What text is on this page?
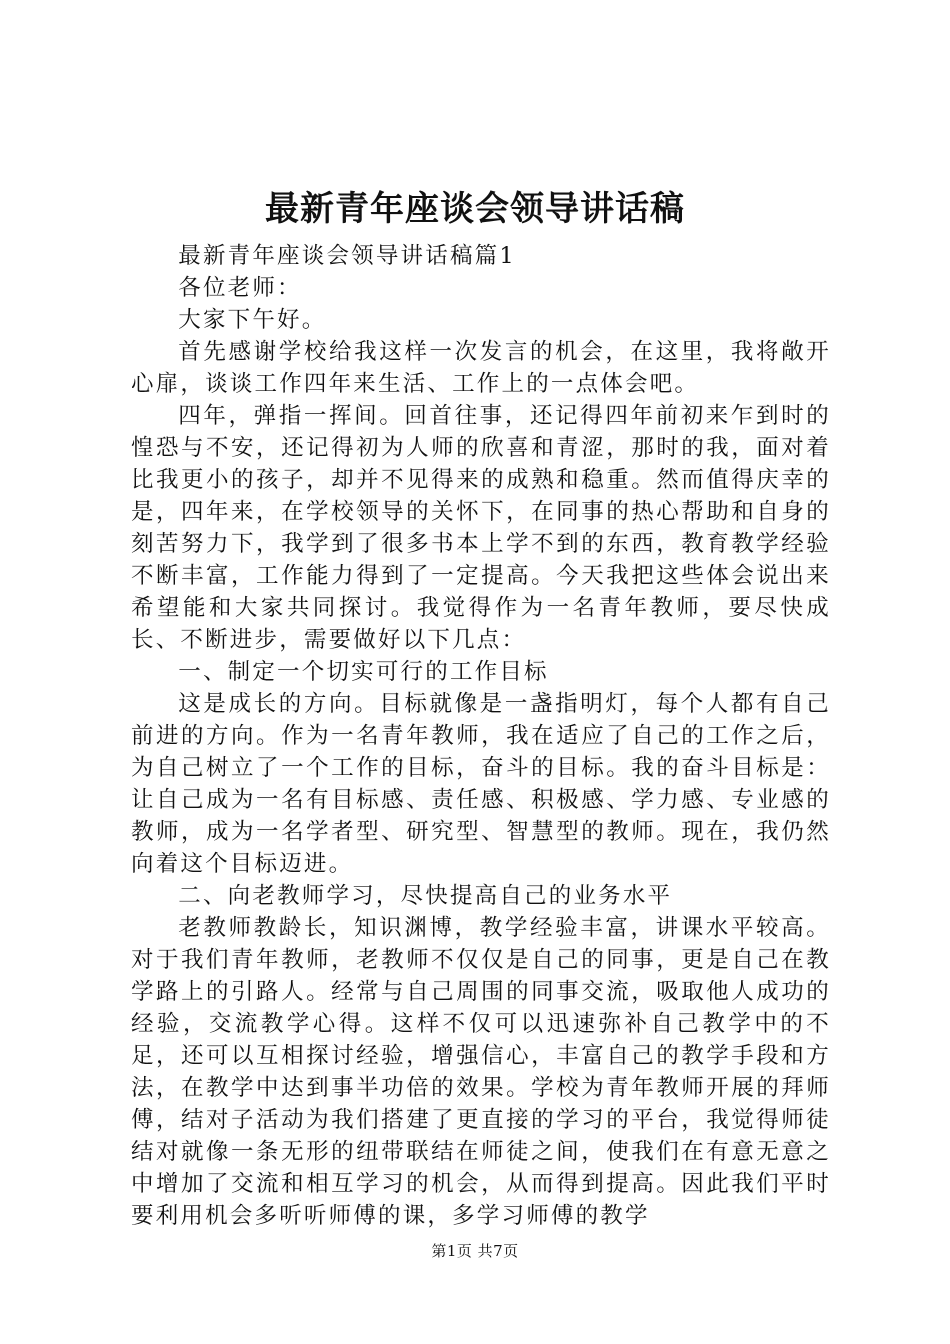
最新青年座谈会领导讲话稿

最新青年座谈会领导讲话稿篇1

各位老师：

大家下午好。

首先感谢学校给我这样一次发言的机会，在这里，我将敞开心扉，谈谈工作四年来生活、工作上的一点体会吧。

四年，弹指一挥间。回首往事，还记得四年前初来乍到时的惶恐与不安，还记得初为人师的欣喜和青涩，那时的我，面对着比我更小的孩子，却并不见得来的成熟和稳重。然而值得庆幸的是，四年来，在学校领导的关怀下，在同事的热心帮助和自身的刻苦努力下，我学到了很多书本上学不到的东西，教育教学经验不断丰富，工作能力得到了一定提高。今天我把这些体会说出来希望能和大家共同探讨。我觉得作为一名青年教师，要尽快成长、不断进步，需要做好以下几点：

一、制定一个切实可行的工作目标

这是成长的方向。目标就像是一盏指明灯，每个人都有自己前进的方向。作为一名青年教师，我在适应了自己的工作之后，为自己树立了一个工作的目标，奋斗的目标。我的奋斗目标是：让自己成为一名有目标感、责任感、积极感、学力感、专业感的教师，成为一名学者型、研究型、智慧型的教师。现在，我仍然向着这个目标迈进。

二、向老教师学习，尽快提高自己的业务水平

老教师教龄长，知识渊博，教学经验丰富，讲课水平较高。对于我们青年教师，老教师不仅仅是自己的同事，更是自己在教学路上的引路人。经常与自己周围的同事交流，吸取他人成功的经验，交流教学心得。这样不仅可以迅速弥补自己教学中的不足，还可以互相探讨经验，增强信心，丰富自己的教学手段和方法，在教学中达到事半功倍的效果。学校为青年教师开展的拜师傅，结对子活动为我们搭建了更直接的学习的平台，我觉得师徒结对就像一条无形的纽带联结在师徒之间，使我们在有意无意之中增加了交流和相互学习的机会，从而得到提高。因此我们平时要利用机会多听听师傅的课，多学习师傅的教学

第1页 共7页
